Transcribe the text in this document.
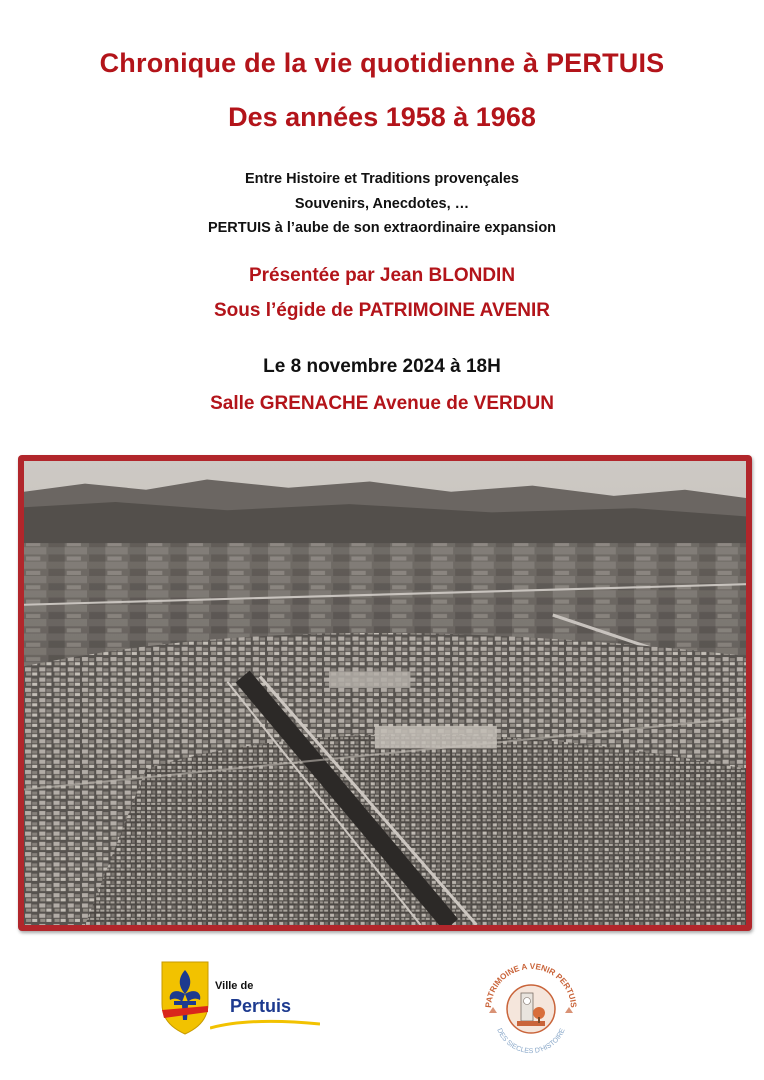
Chronique de la vie quotidienne à PERTUIS
Des années 1958 à 1968
Entre Histoire et Traditions provençales
Souvenirs, Anecdotes, …
PERTUIS à l’aube de son extraordinaire expansion
Présentée par Jean BLONDIN
Sous l’égide de PATRIMOINE AVENIR
Le 8 novembre 2024 à 18H
Salle GRENACHE Avenue de VERDUN
Ville de
Pertuis	PATRIMOINE A VENIR PERTUIS
DES SIECLES D'HISTOIRE
